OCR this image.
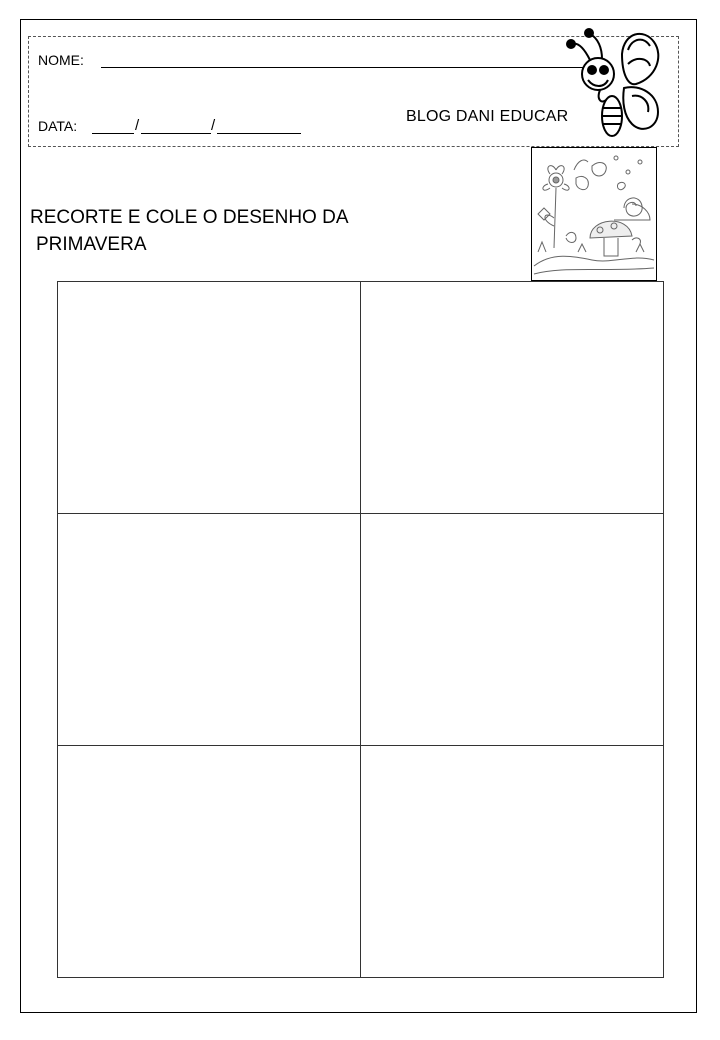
NOME:
DATA:	/	/
BLOG DANI EDUCAR
RECORTE E COLE O DESENHO DA
PRIMAVERA
